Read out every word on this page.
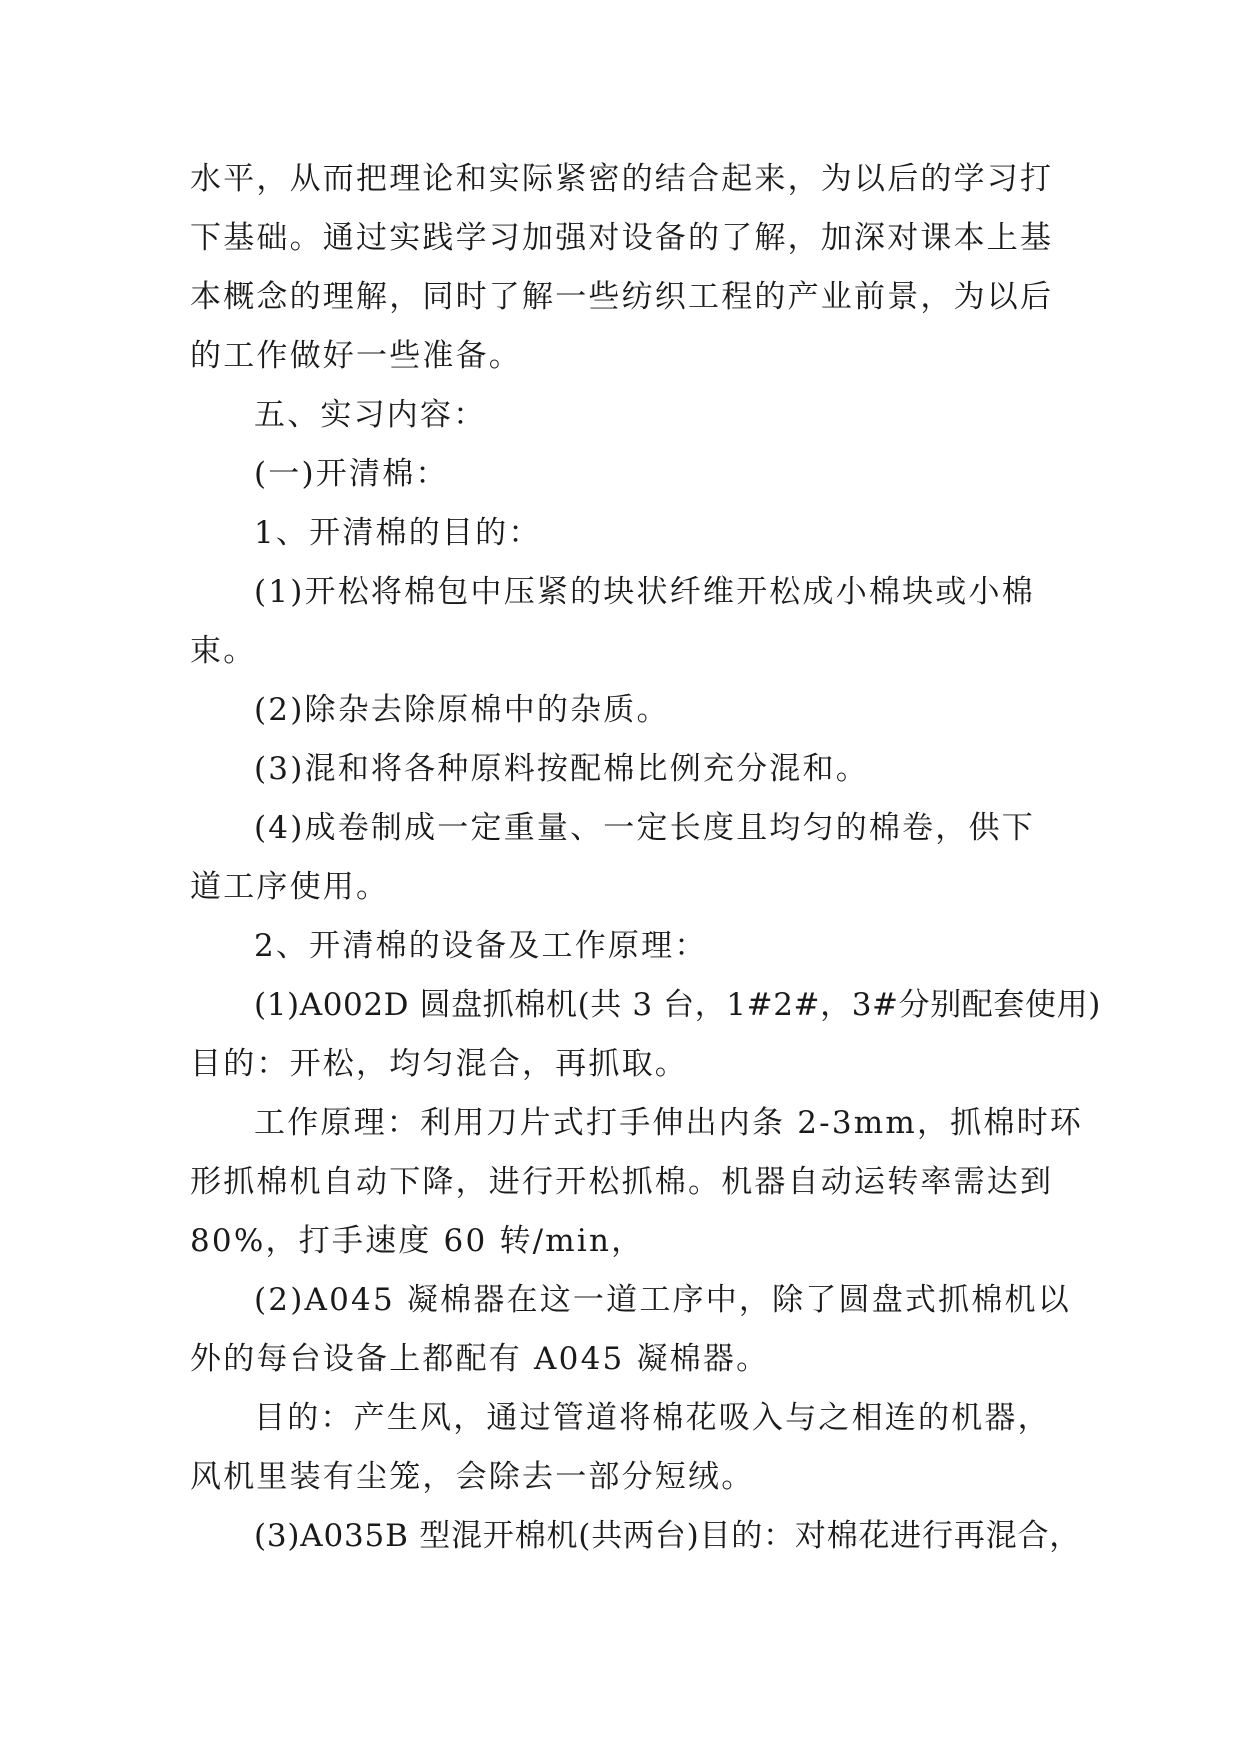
水平，从而把理论和实际紧密的结合起来，为以后的学习打
下基础。通过实践学习加强对设备的了解，加深对课本上基
本概念的理解，同时了解一些纺织工程的产业前景，为以后
的工作做好一些准备。
五、实习内容：
(一)开清棉：
1、开清棉的目的：
(1)开松将棉包中压紧的块状纤维开松成小棉块或小棉
束。
(2)除杂去除原棉中的杂质。
(3)混和将各种原料按配棉比例充分混和。
(4)成卷制成一定重量、一定长度且均匀的棉卷，供下
道工序使用。
2、开清棉的设备及工作原理：
(1)A002D 圆盘抓棉机(共 3 台，1#2#，3#分别配套使用)
目的：开松，均匀混合，再抓取。
工作原理：利用刀片式打手伸出内条 2-3mm，抓棉时环
形抓棉机自动下降，进行开松抓棉。机器自动运转率需达到
80%，打手速度 60 转/min，
(2)A045 凝棉器在这一道工序中，除了圆盘式抓棉机以
外的每台设备上都配有 A045 凝棉器。
目的：产生风，通过管道将棉花吸入与之相连的机器，
风机里装有尘笼，会除去一部分短绒。
(3)A035B 型混开棉机(共两台)目的：对棉花进行再混合，
